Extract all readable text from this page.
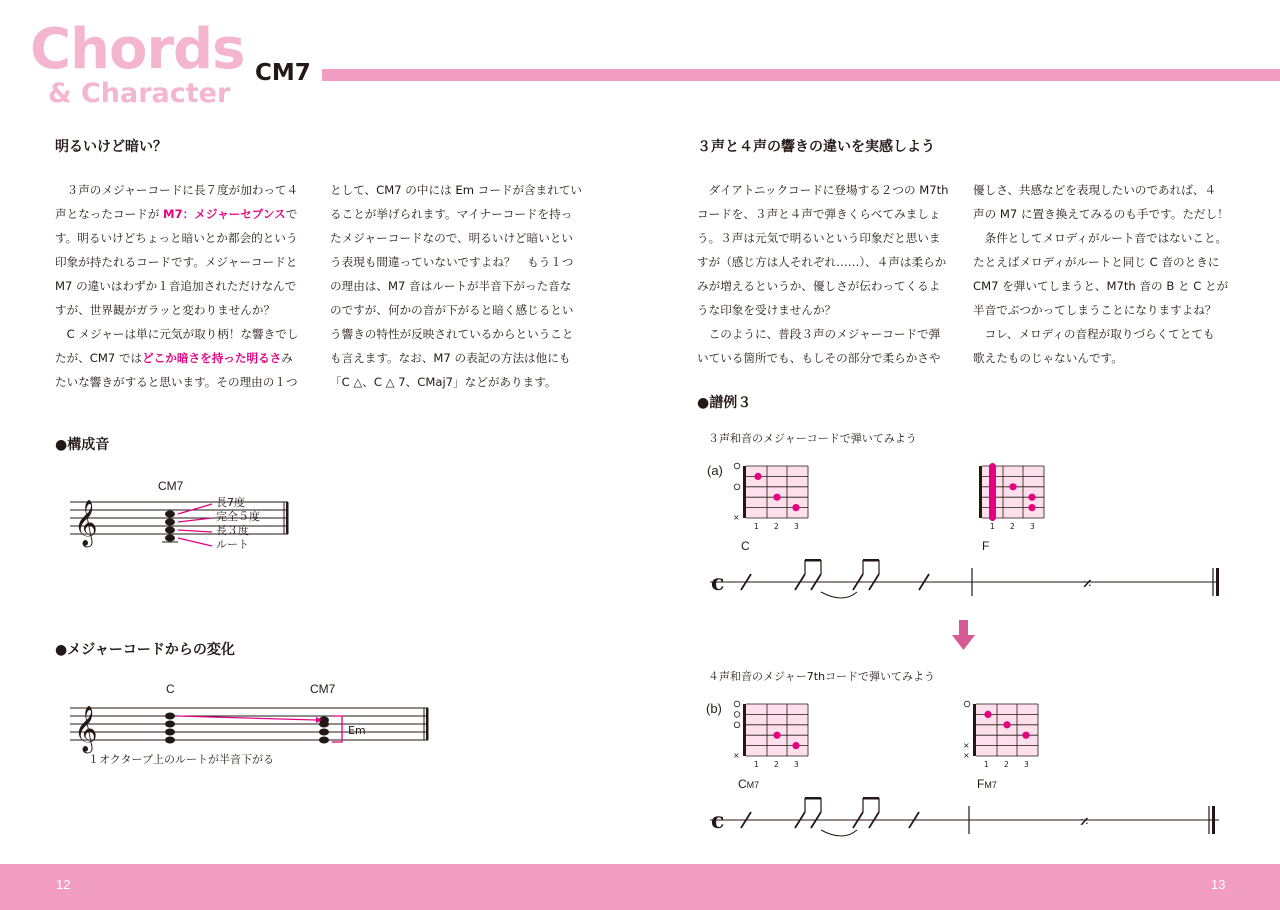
Chords
& Character
CM7
明るいけど暗い？
３声のメジャーコードに長７度が加わって４
声となったコードが M7：メジャーセブンスで
す。明るいけどちょっと暗いとか都会的という
印象が持たれるコードです。メジャーコードと
M7 の違いはわずか１音追加されただけなんで
すが、世界観がガラッと変わりませんか？
C メジャーは単に元気が取り柄！な響きでし
たが、CM7 ではどこか暗さを持った明るさみ
たいな響きがすると思います。その理由の１つ
として、CM7 の中には Em コードが含まれてい
ることが挙げられます。マイナーコードを持っ
たメジャーコードなので、明るいけど暗いとい
う表現も間違っていないですよね？　もう１つ
の理由は、M7 音はルートが半音下がった音な
のですが、何かの音が下がると暗く感じるとい
う響きの特性が反映されているからということ
も言えます。なお、M7 の表記の方法は他にも
「C △、C △ 7、CMaj7」などがあります。
●構成音
CM7
𝄞	長7度
完全５度
長３度
ルート
●メジャーコードからの変化
C	CM7
𝄞	Em
１オクターブ上のルートが半音下がる
３声と４声の響きの違いを実感しよう
ダイアトニックコードに登場する２つの M7th
コードを、３声と４声で弾きくらべてみましょ
う。３声は元気で明るいという印象だと思いま
すが（感じ方は人それぞれ……）、４声は柔らか
みが増えるというか、優しさが伝わってくるよ
うな印象を受けませんか？
このように、普段３声のメジャーコードで弾
いている箇所でも、もしその部分で柔らかさや
優しさ、共感などを表現したいのであれば、４
声の M7 に置き換えてみるのも手です。ただし！
条件としてメロディがルート音ではないこと。
たとえばメロディがルートと同じ C 音のときに
CM7 を弾いてしまうと、M7th 音の B と C とが
半音でぶつかってしまうことになりますよね？
コレ、メロディの音程が取りづらくてとても
歌えたものじゃないんです。
●譜例３
３声和音のメジャーコードで弾いてみよう
(a)
×
1 2 3	1 2 3
C	F
c	𝄎
４声和音のメジャー7thコードで弾いてみよう
(b)
×
1 2 3
×
×
1 2 3
CM7	FM7
c	𝄎
12	13
